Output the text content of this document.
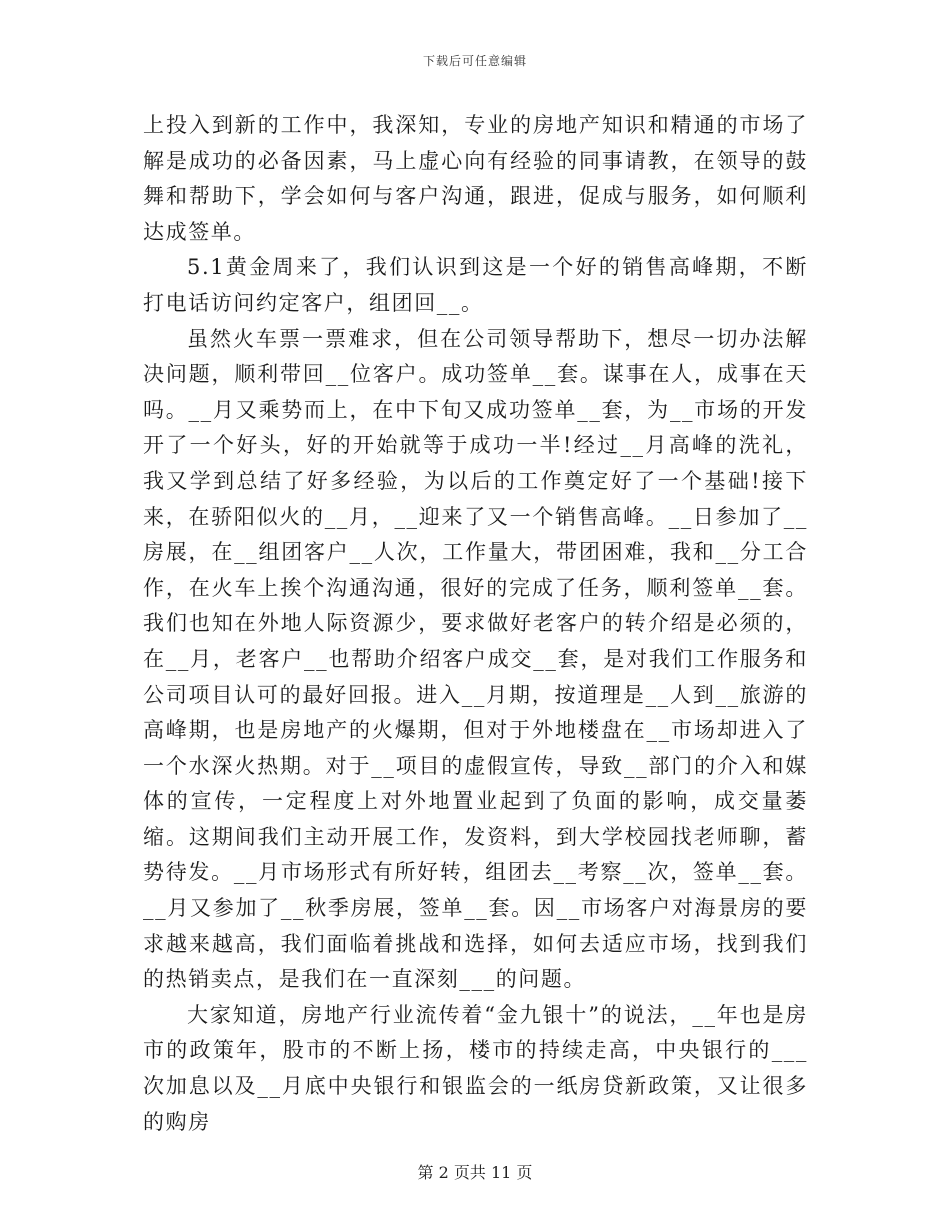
下载后可任意编辑

上投入到新的工作中，我深知，专业的房地产知识和精通的市场了解是成功的必备因素，马上虚心向有经验的同事请教，在领导的鼓舞和帮助下，学会如何与客户沟通，跟进，促成与服务，如何顺利达成签单。

5.1黄金周来了，我们认识到这是一个好的销售高峰期，不断打电话访问约定客户，组团回__。

虽然火车票一票难求，但在公司领导帮助下，想尽一切办法解决问题，顺利带回__位客户。成功签单__套。谋事在人，成事在天吗。__月又乘势而上，在中下旬又成功签单__套，为__市场的开发开了一个好头，好的开始就等于成功一半!经过__月高峰的洗礼，我又学到总结了好多经验，为以后的工作奠定好了一个基础!接下来，在骄阳似火的__月，__迎来了又一个销售高峰。__日参加了__房展，在__组团客户__人次，工作量大，带团困难，我和__分工合作，在火车上挨个沟通沟通，很好的完成了任务，顺利签单__套。我们也知在外地人际资源少，要求做好老客户的转介绍是必须的，在__月，老客户__也帮助介绍客户成交__套，是对我们工作服务和公司项目认可的最好回报。进入__月期，按道理是__人到__旅游的高峰期，也是房地产的火爆期，但对于外地楼盘在__市场却进入了一个水深火热期。对于__项目的虚假宣传，导致__部门的介入和媒体的宣传，一定程度上对外地置业起到了负面的影响，成交量萎缩。这期间我们主动开展工作，发资料，到大学校园找老师聊，蓄势待发。__月市场形式有所好转，组团去__考察__次，签单__套。__月又参加了__秋季房展，签单__套。因__市场客户对海景房的要求越来越高，我们面临着挑战和选择，如何去适应市场，找到我们的热销卖点，是我们在一直深刻___的问题。

大家知道，房地产行业流传着“金九银十”的说法，__年也是房市的政策年，股市的不断上扬，楼市的持续走高，中央银行的___次加息以及__月底中央银行和银监会的一纸房贷新政策，又让很多的购房

第 2 页共 11 页
